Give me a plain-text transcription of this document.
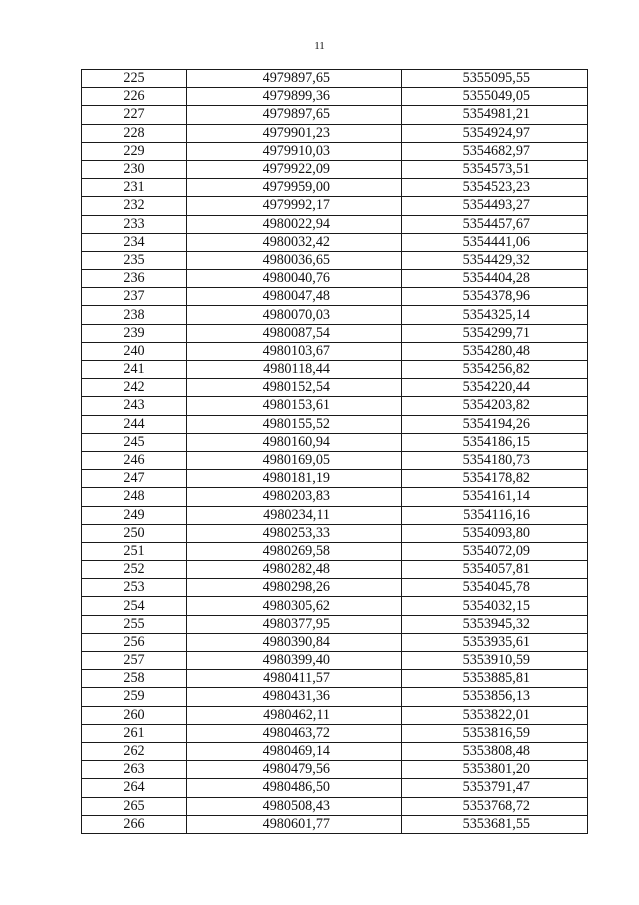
11
225	4979897,65	5355095,55
226	4979899,36	5355049,05
227	4979897,65	5354981,21
228	4979901,23	5354924,97
229	4979910,03	5354682,97
230	4979922,09	5354573,51
231	4979959,00	5354523,23
232	4979992,17	5354493,27
233	4980022,94	5354457,67
234	4980032,42	5354441,06
235	4980036,65	5354429,32
236	4980040,76	5354404,28
237	4980047,48	5354378,96
238	4980070,03	5354325,14
239	4980087,54	5354299,71
240	4980103,67	5354280,48
241	4980118,44	5354256,82
242	4980152,54	5354220,44
243	4980153,61	5354203,82
244	4980155,52	5354194,26
245	4980160,94	5354186,15
246	4980169,05	5354180,73
247	4980181,19	5354178,82
248	4980203,83	5354161,14
249	4980234,11	5354116,16
250	4980253,33	5354093,80
251	4980269,58	5354072,09
252	4980282,48	5354057,81
253	4980298,26	5354045,78
254	4980305,62	5354032,15
255	4980377,95	5353945,32
256	4980390,84	5353935,61
257	4980399,40	5353910,59
258	4980411,57	5353885,81
259	4980431,36	5353856,13
260	4980462,11	5353822,01
261	4980463,72	5353816,59
262	4980469,14	5353808,48
263	4980479,56	5353801,20
264	4980486,50	5353791,47
265	4980508,43	5353768,72
266	4980601,77	5353681,55
